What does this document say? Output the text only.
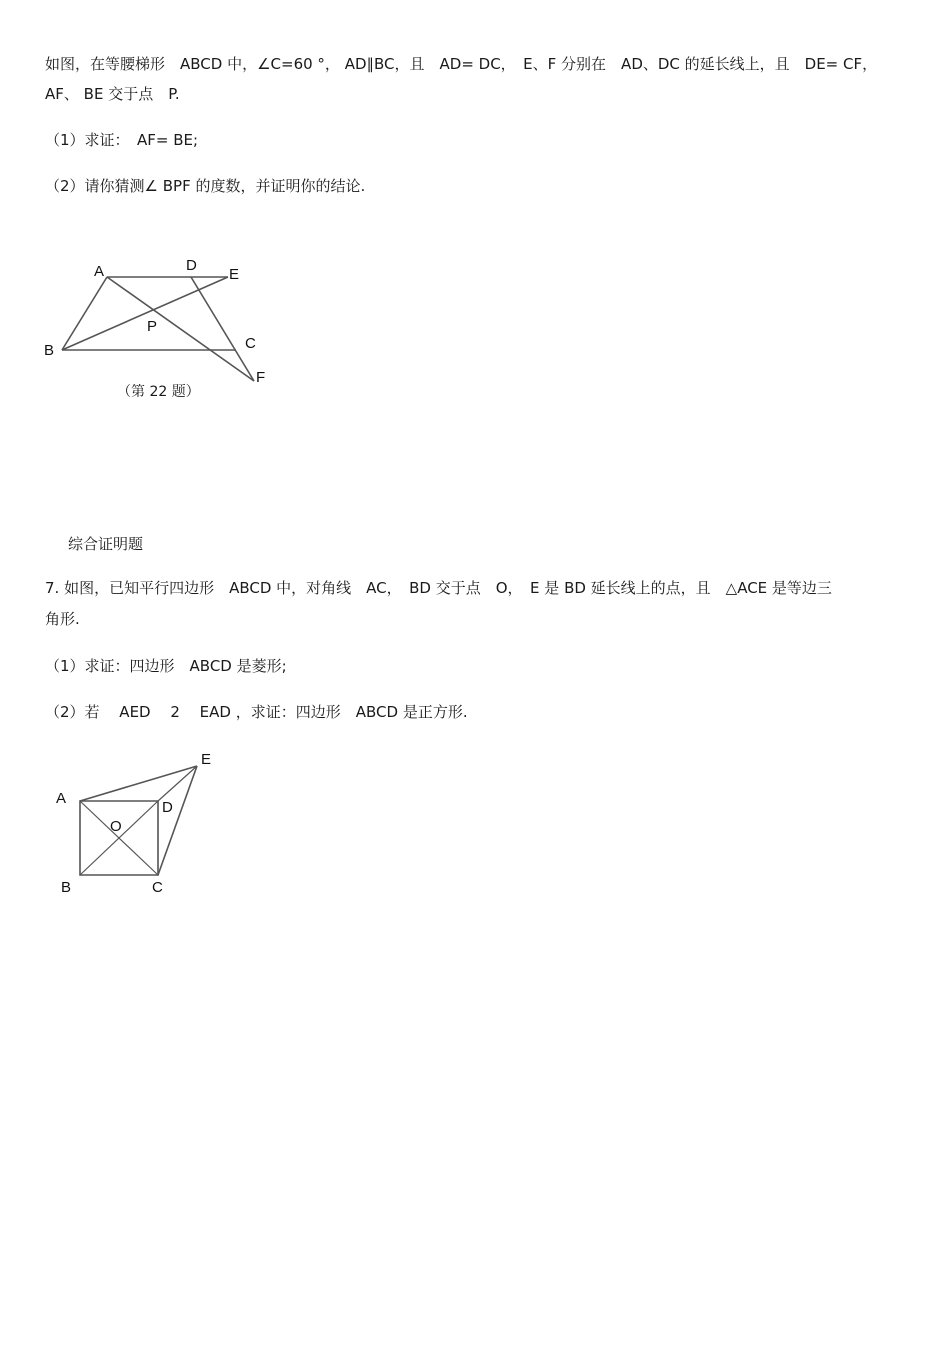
如图，在等腰梯形　ABCD 中，∠C=60 °， AD∥BC，且　AD= DC，　E、F 分别在　AD、DC 的延长线上，且　DE= CF，
AF、 BE 交于点　P.
（1）求证：　AF= BE;
（2）请你猜测∠ BPF 的度数，并证明你的结论.
A	D
E
B
P
C
F
（第 22 题）
综合证明题
7. 如图，已知平行四边形　ABCD 中，对角线　AC，　BD 交于点　O，　E 是 BD 延长线上的点，且　△ACE 是等边三
角形.
（1）求证：四边形　ABCD 是菱形;
（2）若　 AED　 2　 EAD ，求证：四边形　ABCD 是正方形.
A
D
E
O
B	C
